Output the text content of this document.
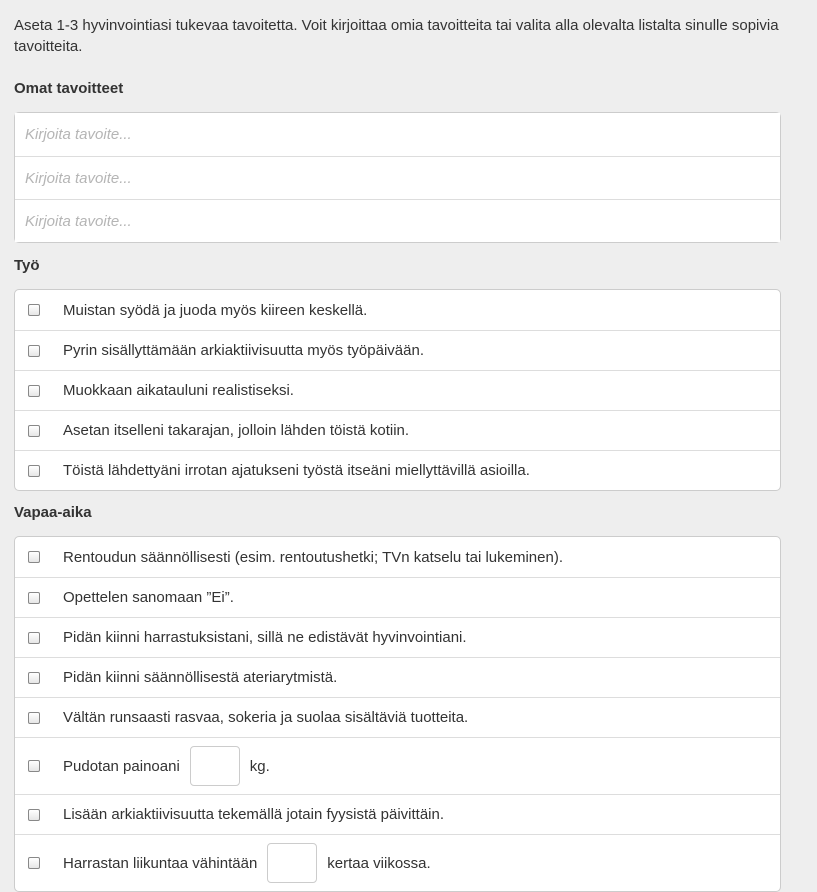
Aseta 1-3 hyvinvointiasi tukevaa tavoitetta. Voit kirjoittaa omia tavoitteita tai valita alla olevalta listalta sinulle sopivia tavoitteita.

Omat tavoitteet
Kirjoita tavoite...
Kirjoita tavoite...
Kirjoita tavoite...
Työ
Muistan syödä ja juoda myös kiireen keskellä.
Pyrin sisällyttämään arkiaktiivisuutta myös työpäivään.
Muokkaan aikatauluni realistiseksi.
Asetan itselleni takarajan, jolloin lähden töistä kotiin.
Töistä lähdettyäni irrotan ajatukseni työstä itseäni miellyttävillä asioilla.
Vapaa-aika
Rentoudun säännöllisesti (esim. rentoutushetki; TVn katselu tai lukeminen).
Opettelen sanomaan ”Ei”.
Pidän kiinni harrastuksistani, sillä ne edistävät hyvinvointiani.
Pidän kiinni säännöllisestä ateriarytmistä.
Vältän runsaasti rasvaa, sokeria ja suolaa sisältäviä tuotteita.
Pudotan painoani	kg.
Lisään arkiaktiivisuutta tekemällä jotain fyysistä päivittäin.
Harrastan liikuntaa vähintään	kertaa viikossa.
